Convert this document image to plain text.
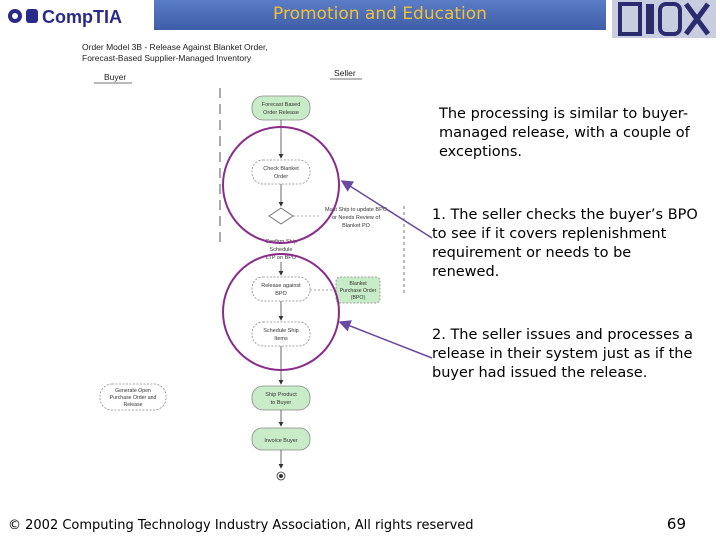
CompTIA	Promotion and Education	EIDX
Order Model 3B - Release Against Blanket Order,
Forecast-Based Supplier-Managed Inventory
Buyer	Seller
Forecast Based
Order Release
Check Blanket
Order
Must Ship to update BPO
or Needs Review of
Blanket PO
Confirm Ship
Schedule
LTP on BPO
Release against
BPO
Blanket
Purchase Order
(BPO)
Schedule Ship
Items
Generate Open
Purchase Order and
Release
Ship Product
to Buyer
Invoice Buyer
The processing is similar to buyer-managed release, with a couple of exceptions.
1. The seller checks the buyer’s BPO to see if it covers replenishment requirement or needs to be renewed.
2. The seller issues and processes a release in their system just as if the buyer had issued the release.
© 2002 Computing Technology Industry Association, All rights reserved	69
